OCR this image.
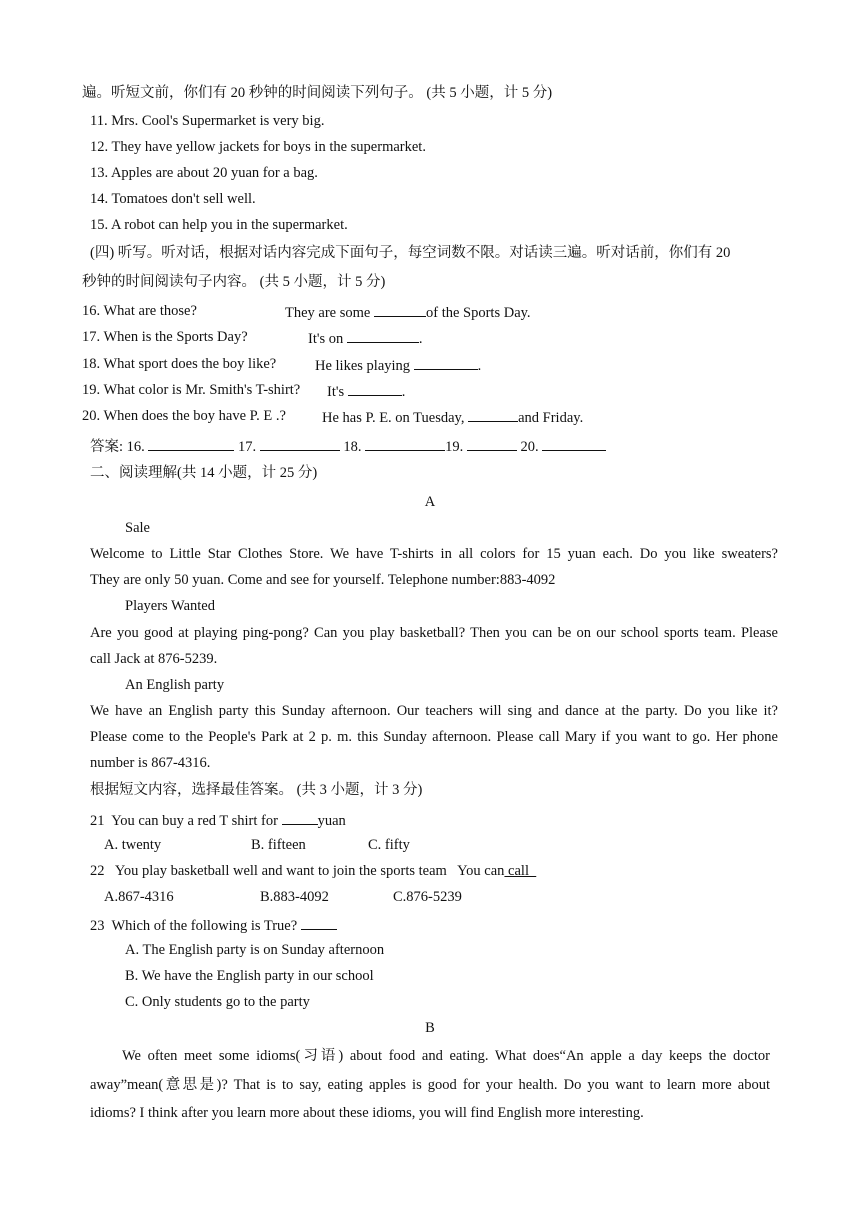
遍。听短文前，你们有 20 秒钟的时间阅读下列句子。 (共 5 小题，计 5 分)
11. Mrs. Cool's Supermarket is very big.
12. They have yellow jackets for boys in the supermarket.
13. Apples are about 20 yuan for a bag.
14. Tomatoes don't sell well.
15. A robot can help you in the supermarket.
(四) 听写。听对话，根据对话内容完成下面句子，每空词数不限。对话读三遍。听对话前，你们有 20
秒钟的时间阅读句子内容。 (共 5 小题，计 5 分)
16. What are those?	They are some	of the Sports Day.
17. When is the Sports Day?	It's on	.
18. What sport does the boy like?	He likes playing	.
19. What color is Mr. Smith's T-shirt? It's	.
20. When does the boy have P. E .? He has P. E. on Tuesday,	and Friday.
答案: 16.	17.	18.	19.	20.
二、阅读理解(共 14 小题，计 25 分)
A
Sale
Welcome to Little Star Clothes Store. We have T-shirts in all colors for 15 yuan each. Do you like sweaters?
They are only 50 yuan. Come and see for yourself. Telephone number:883-4092
Players Wanted
Are you good at playing ping-pong? Can you play basketball? Then you can be on our school sports team. Please
call Jack at 876-5239.
An English party
We have an English party this Sunday afternoon. Our teachers will sing and dance at the party. Do you like it?
Please come to the People's Park at 2 p. m. this Sunday afternoon. Please call Mary if you want to go. Her phone
number is 867-4316.
根据短文内容，选择最佳答案。 (共 3 小题，计 3 分)
21  You can buy a red T shirt for yuan
A. twenty	B. fifteen	C. fifty
22   You play basketball well and want to join the sports team   You can call
A.867-4316	B.883-4092	C.876-5239
23  Which of the following is True?
A. The English party is on Sunday afternoon
B. We have the English party in our school
C. Only students go to the party
B
We often meet some idioms(习语) about food and eating. What does“An apple a day keeps the doctor
away”mean(意思是)? That is to say, eating apples is good for your health. Do you want to learn more about
idioms? I think after you learn more about these idioms, you will find English more interesting.
